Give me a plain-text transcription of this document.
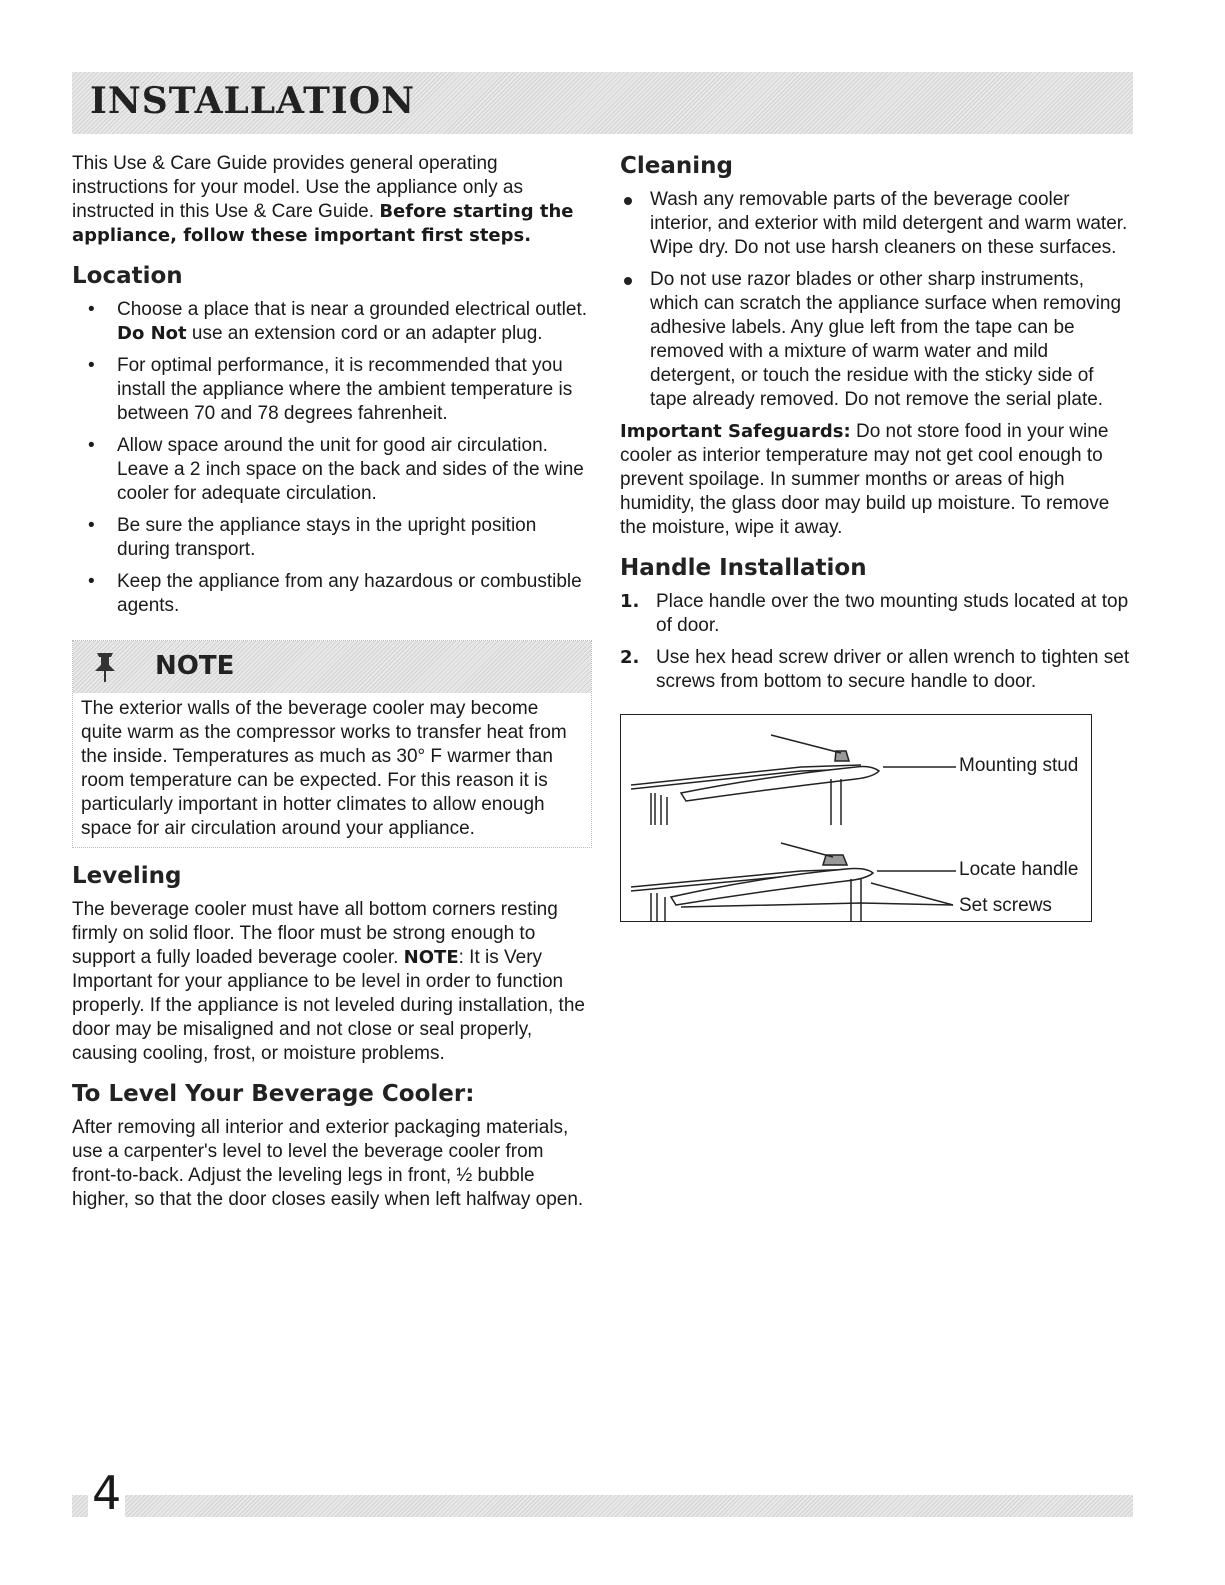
INSTALLATION

This Use & Care Guide provides general operating instructions for your model. Use the appliance only as instructed in this Use & Care Guide. Before starting the appliance, follow these important first steps.

Location
• Choose a place that is near a grounded electrical outlet. Do Not use an extension cord or an adapter plug.
• For optimal performance, it is recommended that you install the appliance where the ambient temperature is between 70 and 78 degrees fahrenheit.
• Allow space around the unit for good air circulation. Leave a 2 inch space on the back and sides of the wine cooler for adequate circulation.
• Be sure the appliance stays in the upright position during transport.
• Keep the appliance from any hazardous or combustible agents.
NOTE
The exterior walls of the beverage cooler may become quite warm as the compressor works to transfer heat from the inside. Temperatures as much as 30° F warmer than room temperature can be expected. For this reason it is particularly important in hotter climates to allow enough space for air circulation around your appliance.
Leveling

The beverage cooler must have all bottom corners resting firmly on solid floor. The floor must be strong enough to support a fully loaded beverage cooler. NOTE: It is Very Important for your appliance to be level in order to function properly. If the appliance is not leveled during installation, the door may be misaligned and not close or seal properly, causing cooling, frost, or moisture problems.

To Level Your Beverage Cooler:

After removing all interior and exterior packaging materials, use a carpenter's level to level the beverage cooler from front-to-back. Adjust the leveling legs in front, ½ bubble higher, so that the door closes easily when left halfway open.

Cleaning
Wash any removable parts of the beverage cooler interior, and exterior with mild detergent and warm water. Wipe dry. Do not use harsh cleaners on these surfaces.
Do not use razor blades or other sharp instruments, which can scratch the appliance surface when removing adhesive labels. Any glue left from the tape can be removed with a mixture of warm water and mild detergent, or touch the residue with the sticky side of tape already removed. Do not remove the serial plate.

Important Safeguards: Do not store food in your wine cooler as interior temperature may not get cool enough to prevent spoilage. In summer months or areas of high humidity, the glass door may build up moisture. To remove the moisture, wipe it away.

Handle Installation
1. Place handle over the two mounting studs located at top of door.
2. Use hex head screw driver or allen wrench to tighten set screws from bottom to secure handle to door.
Mounting stud
Locate handle
Set screws
4
